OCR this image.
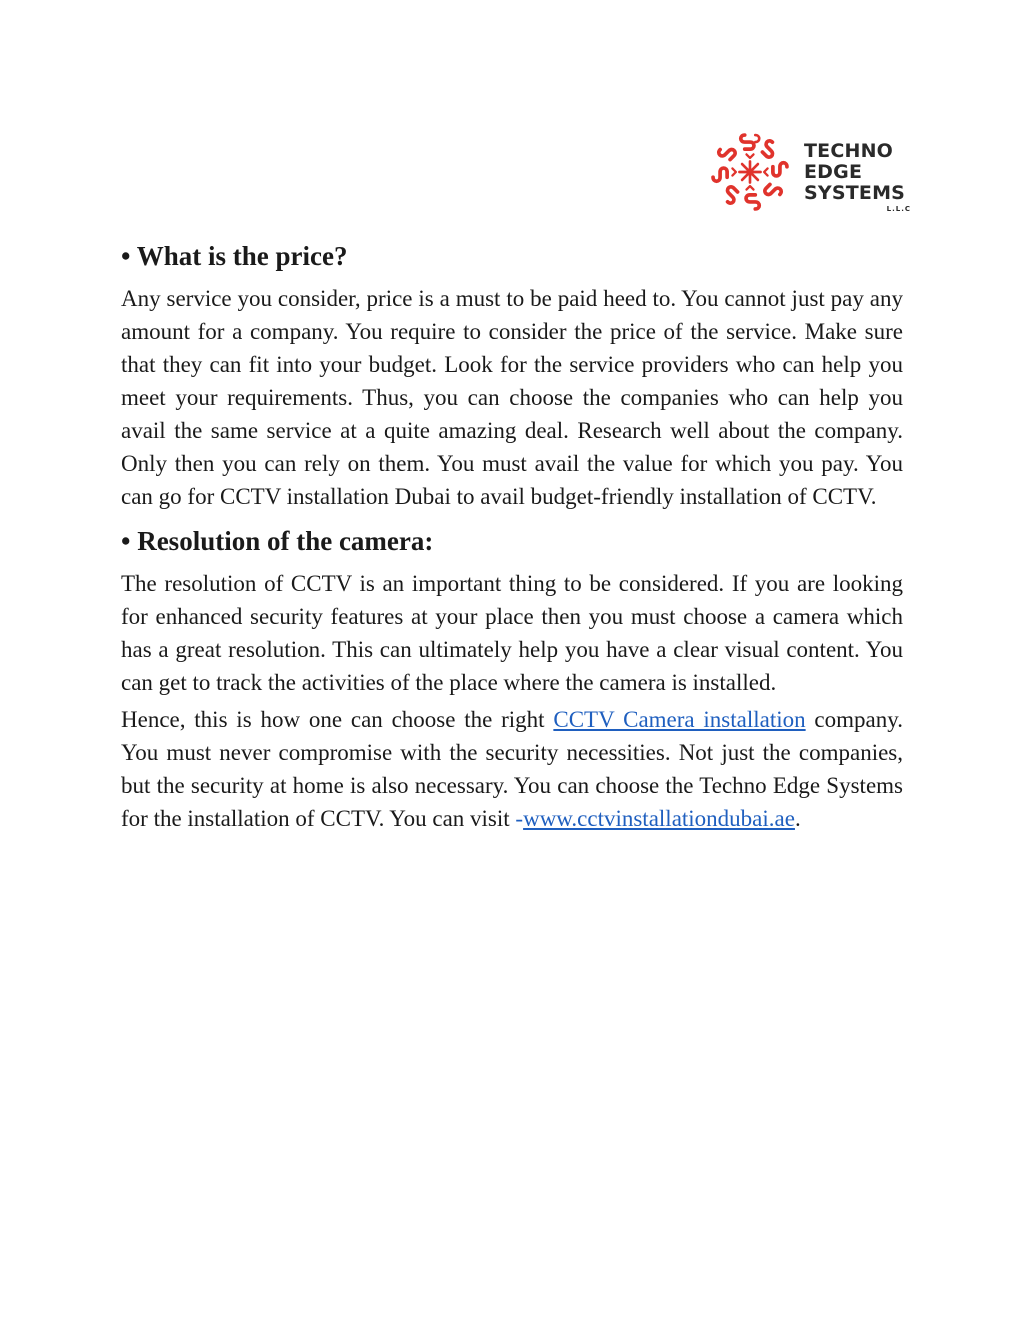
TECHNO
EDGE
SYSTEMS
L.L.C
• What is the price?

Any service you consider, price is a must to be paid heed to. You cannot just pay any amount for a company. You require to consider the price of the service. Make sure that they can fit into your budget. Look for the service providers who can help you meet your requirements. Thus, you can choose the companies who can help you avail the same service at a quite amazing deal. Research well about the company. Only then you can rely on them. You must avail the value for which you pay. You can go for CCTV installation Dubai to avail budget-friendly installation of CCTV.

• Resolution of the camera:

The resolution of CCTV is an important thing to be considered. If you are looking for enhanced security features at your place then you must choose a camera which has a great resolution. This can ultimately help you have a clear visual content. You can get to track the activities of the place where the camera is installed.

Hence, this is how one can choose the right CCTV Camera installation company. You must never compromise with the security necessities. Not just the companies, but the security at home is also necessary. You can choose the Techno Edge Systems for the installation of CCTV. You can visit -www.cctvinstallationdubai.ae.
